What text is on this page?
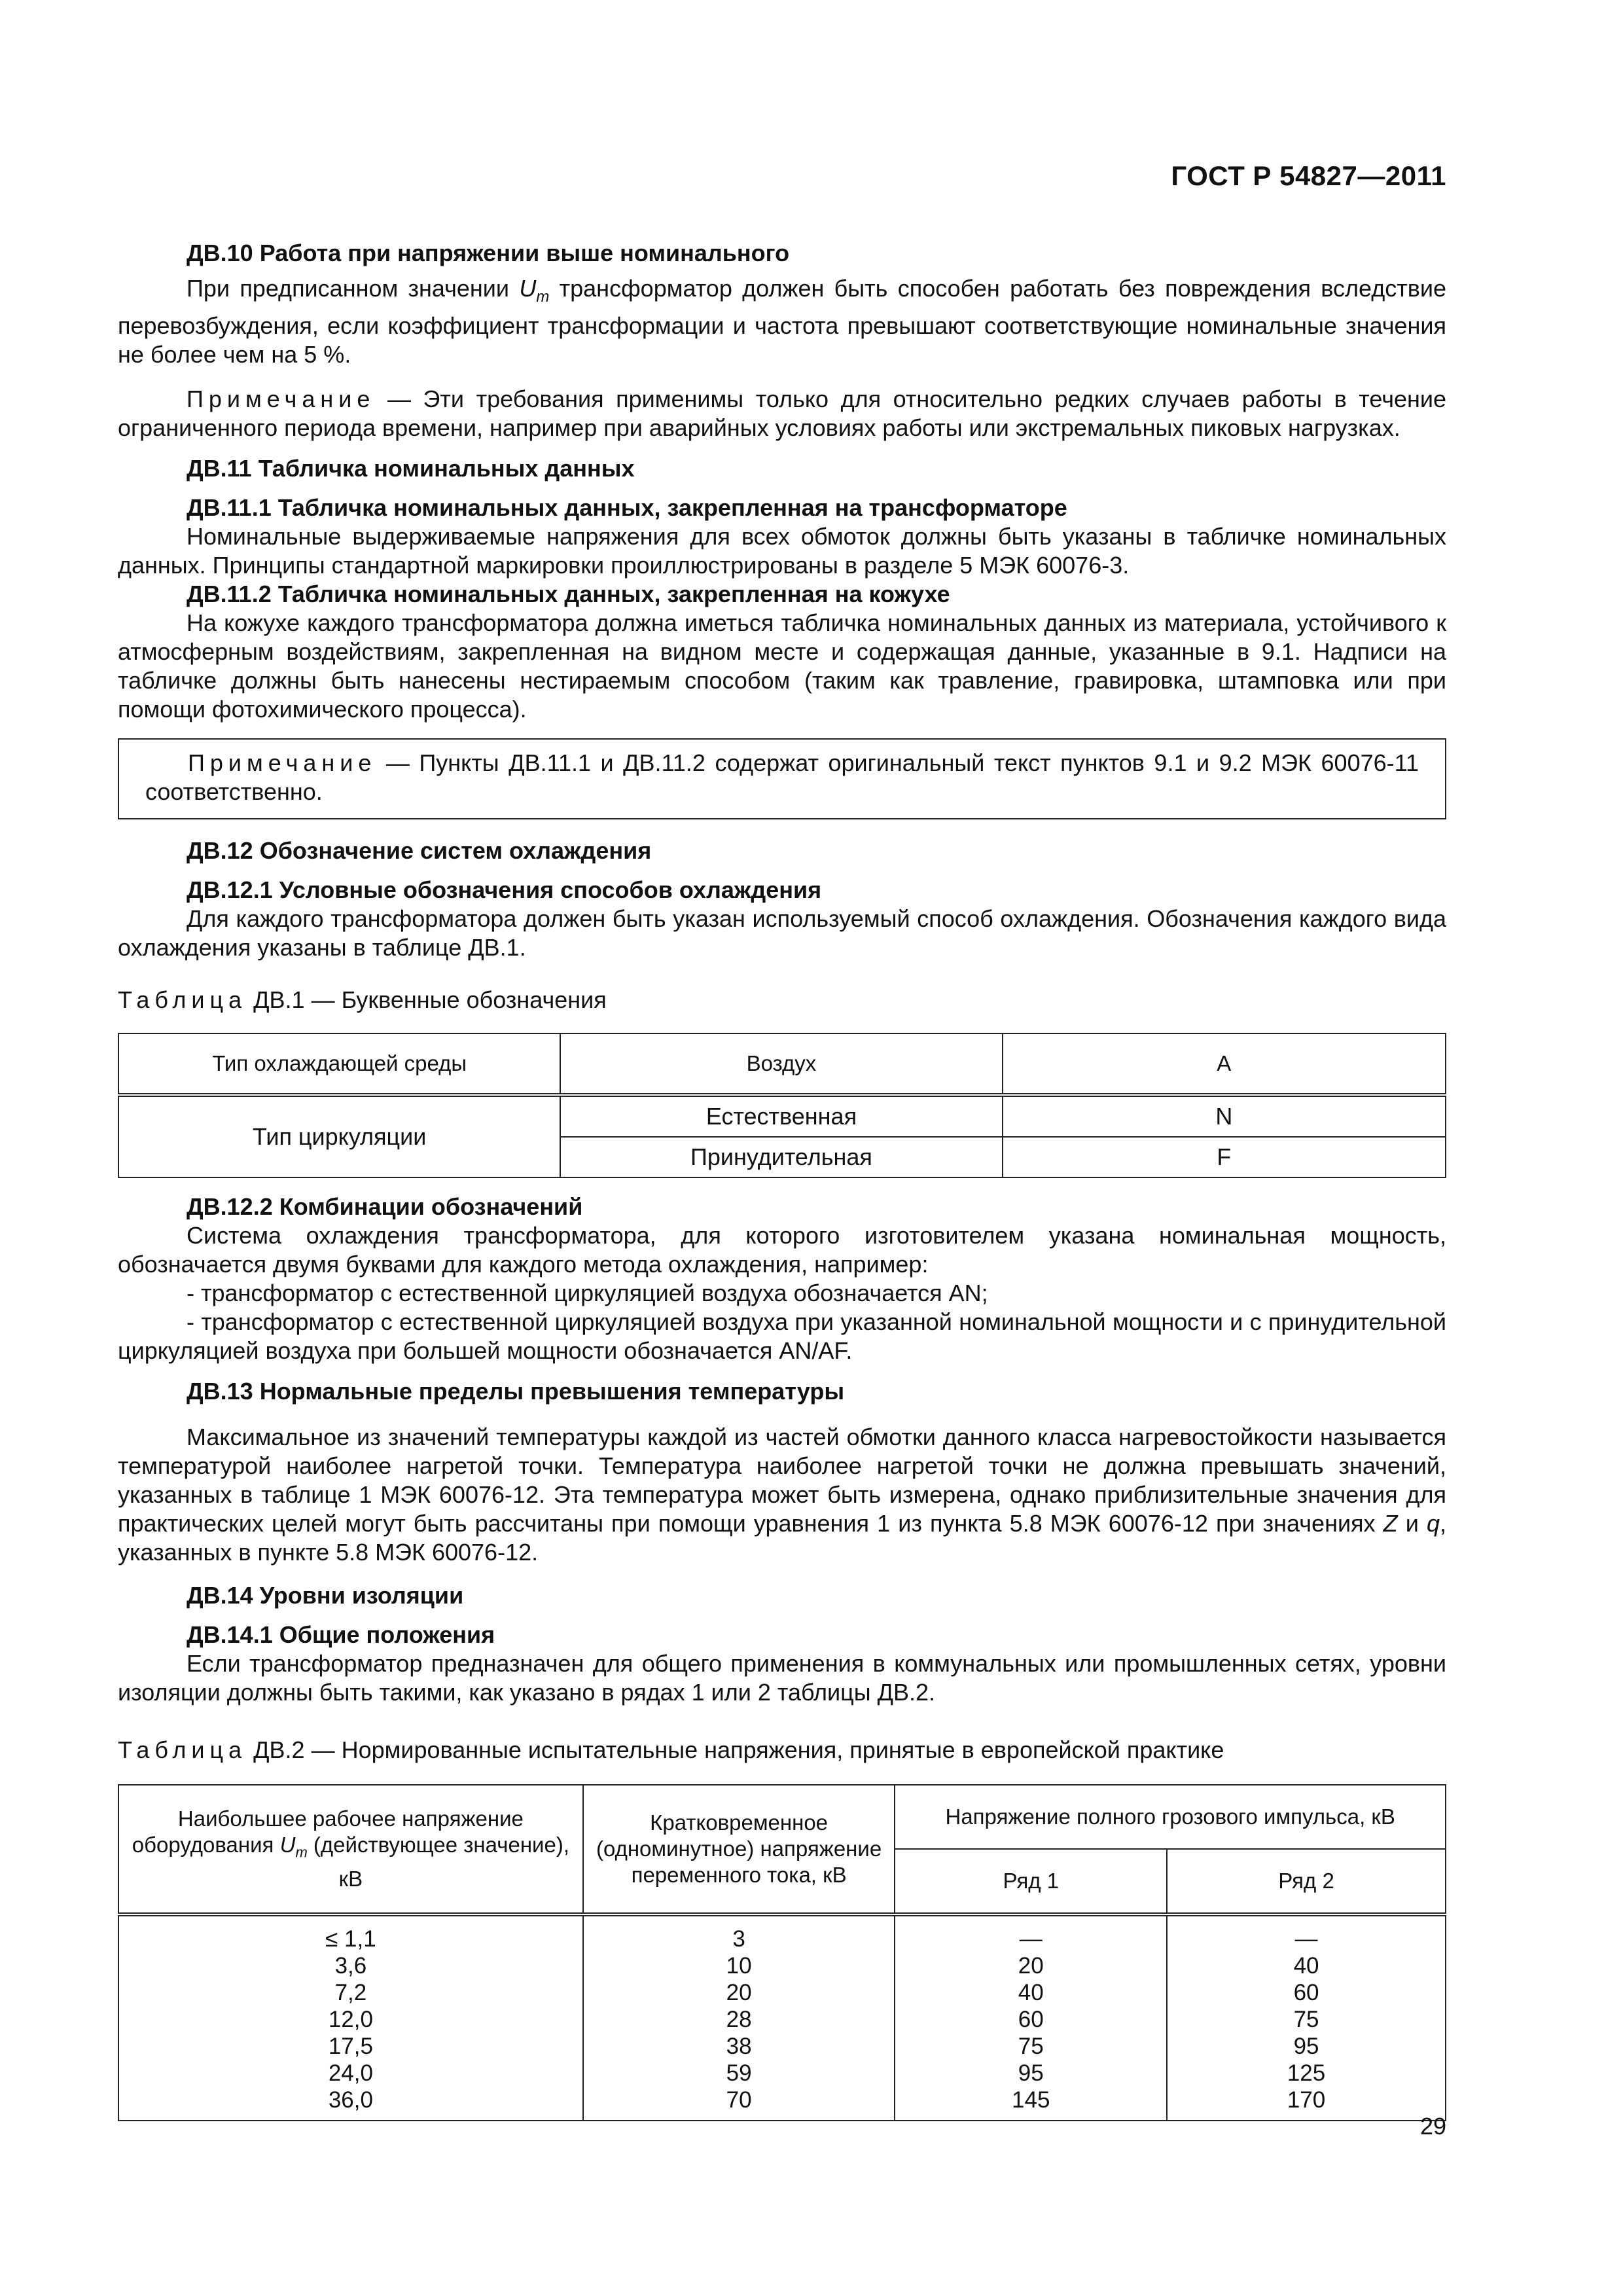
ГОСТ Р 54827—2011

ДВ.10 Работа при напряжении выше номинального

При предписанном значении $U_m$ трансформатор должен быть способен работать без повреждения вследствие перевозбуждения, если коэффициент трансформации и частота превышают соответствующие номинальные значения не более чем на 5 %.

Примечание — Эти требования применимы только для относительно редких случаев работы в течение ограниченного периода времени, например при аварийных условиях работы или экстремальных пиковых нагрузках.

ДВ.11 Табличка номинальных данных

ДВ.11.1 Табличка номинальных данных, закрепленная на трансформаторе

Номинальные выдерживаемые напряжения для всех обмоток должны быть указаны в табличке номинальных данных. Принципы стандартной маркировки проиллюстрированы в разделе 5 МЭК 60076-3.

ДВ.11.2 Табличка номинальных данных, закрепленная на кожухе

На кожухе каждого трансформатора должна иметься табличка номинальных данных из материала, устойчивого к атмосферным воздействиям, закрепленная на видном месте и содержащая данные, указанные в 9.1. Надписи на табличке должны быть нанесены нестираемым способом (таким как травление, гравировка, штамповка или при помощи фотохимического процесса).

Примечание — Пункты ДВ.11.1 и ДВ.11.2 содержат оригинальный текст пунктов 9.1 и 9.2 МЭК 60076-11 соответственно.

ДВ.12 Обозначение систем охлаждения

ДВ.12.1 Условные обозначения способов охлаждения

Для каждого трансформатора должен быть указан используемый способ охлаждения. Обозначения каждого вида охлаждения указаны в таблице ДВ.1.

Таблица ДВ.1 — Буквенные обозначения
Тип охлаждающей среды	Воздух	A
Тип циркуляции	Естественная	N
	Принудительная	F

ДВ.12.2 Комбинации обозначений

Система охлаждения трансформатора, для которого изготовителем указана номинальная мощность, обозначается двумя буквами для каждого метода охлаждения, например:

- трансформатор с естественной циркуляцией воздуха обозначается AN;

- трансформатор с естественной циркуляцией воздуха при указанной номинальной мощности и с принудительной циркуляцией воздуха при большей мощности обозначается AN/AF.

ДВ.13 Нормальные пределы превышения температуры

Максимальное из значений температуры каждой из частей обмотки данного класса нагревостойкости называется температурой наиболее нагретой точки. Температура наиболее нагретой точки не должна превышать значений, указанных в таблице 1 МЭК 60076-12. Эта температура может быть измерена, однако приблизительные значения для практических целей могут быть рассчитаны при помощи уравнения 1 из пункта 5.8 МЭК 60076-12 при значениях Z и q, указанных в пункте 5.8 МЭК 60076-12.

ДВ.14 Уровни изоляции

ДВ.14.1 Общие положения

Если трансформатор предназначен для общего применения в коммунальных или промышленных сетях, уровни изоляции должны быть такими, как указано в рядах 1 или 2 таблицы ДВ.2.

Таблица ДВ.2 — Нормированные испытательные напряжения, принятые в европейской практике
Наибольшее рабочее напряжение оборудования $U_m$ (действующее значение), кВ	Кратковременное (одноминутное) напряжение переменного тока, кВ	Напряжение полного грозового импульса, кВ	
		Ряд 1	Ряд 2
≤ 1,1	3	—	—
3,6	10	20	40
7,2	20	40	60
12,0	28	60	75
17,5	38	75	95
24,0	59	95	125
36,0	70	145	170
29
